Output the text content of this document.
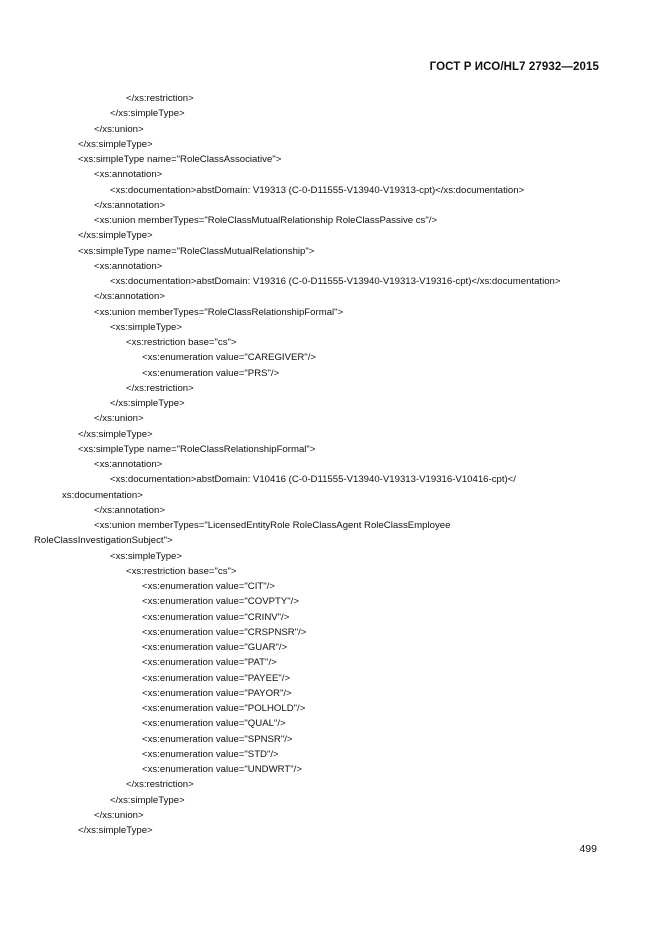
ГОСТ Р ИСО/HL7 27932—2015
</xs:restriction>
</xs:simpleType>
</xs:union>
</xs:simpleType>
<xs:simpleType name="RoleClassAssociative">
<xs:annotation>
<xs:documentation>abstDomain: V19313 (C-0-D11555-V13940-V19313-cpt)</xs:documentation>
</xs:annotation>
<xs:union memberTypes="RoleClassMutualRelationship RoleClassPassive cs"/>
</xs:simpleType>
<xs:simpleType name="RoleClassMutualRelationship">
<xs:annotation>
<xs:documentation>abstDomain: V19316 (C-0-D11555-V13940-V19313-V19316-cpt)</xs:documentation>
</xs:annotation>
<xs:union memberTypes="RoleClassRelationshipFormal">
<xs:simpleType>
<xs:restriction base="cs">
<xs:enumeration value="CAREGIVER"/>
<xs:enumeration value="PRS"/>
</xs:restriction>
</xs:simpleType>
</xs:union>
</xs:simpleType>
<xs:simpleType name="RoleClassRelationshipFormal">
<xs:annotation>
<xs:documentation>abstDomain: V10416 (C-0-D11555-V13940-V19313-V19316-V10416-cpt)</
xs:documentation>
</xs:annotation>
<xs:union memberTypes="LicensedEntityRole RoleClassAgent RoleClassEmployee
RoleClassInvestigationSubject">
<xs:simpleType>
<xs:restriction base="cs">
<xs:enumeration value="CIT"/>
<xs:enumeration value="COVPTY"/>
<xs:enumeration value="CRINV"/>
<xs:enumeration value="CRSPNSR"/>
<xs:enumeration value="GUAR"/>
<xs:enumeration value="PAT"/>
<xs:enumeration value="PAYEE"/>
<xs:enumeration value="PAYOR"/>
<xs:enumeration value="POLHOLD"/>
<xs:enumeration value="QUAL"/>
<xs:enumeration value="SPNSR"/>
<xs:enumeration value="STD"/>
<xs:enumeration value="UNDWRT"/>
</xs:restriction>
</xs:simpleType>
</xs:union>
</xs:simpleType>
499
